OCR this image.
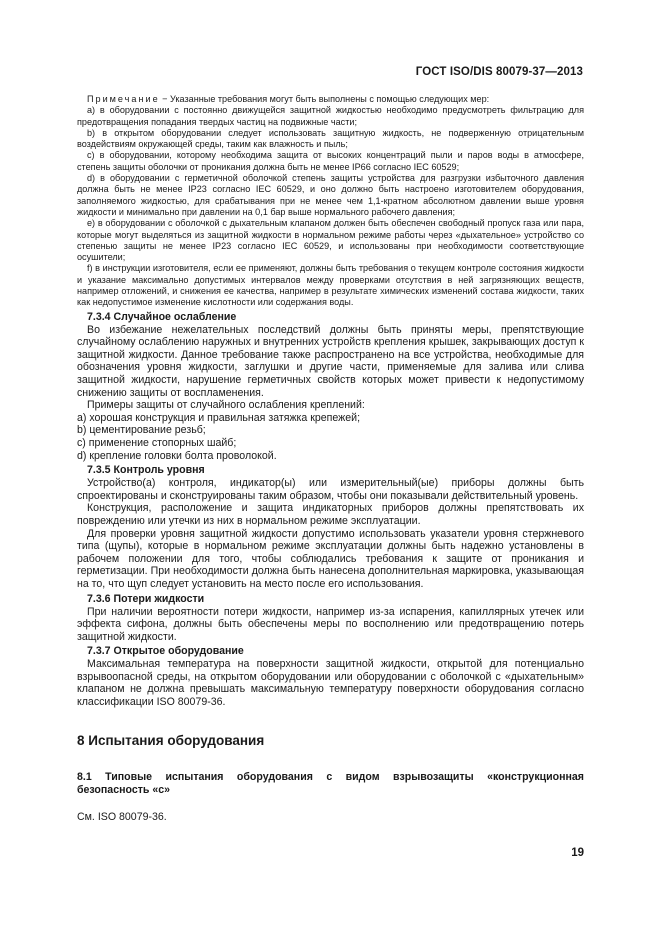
ГОСТ ISO/DIS 80079-37—2013

Примечание − Указанные требования могут быть выполнены с помощью следующих мер:

a) в оборудовании с постоянно движущейся защитной жидкостью необходимо предусмотреть фильтрацию для предотвращения попадания твердых частиц на подвижные части;

b) в открытом оборудовании следует использовать защитную жидкость, не подверженную отрицательным воздействиям окружающей среды, таким как влажность и пыль;

c) в оборудовании, которому необходима защита от высоких концентраций пыли и паров воды в атмосфере, степень защиты оболочки от проникания должна быть не менее IP66 согласно IEC 60529;

d) в оборудовании с герметичной оболочкой степень защиты устройства для разгрузки избыточного давления должна быть не менее IP23 согласно IEC 60529, и оно должно быть настроено изготовителем оборудования, заполняемого жидкостью, для срабатывания при не менее чем 1,1-кратном абсолютном давлении выше уровня жидкости и минимально при давлении на 0,1 бар выше нормального рабочего давления;

e) в оборудовании с оболочкой с дыхательным клапаном должен быть обеспечен свободный пропуск газа или пара, которые могут выделяться из защитной жидкости в нормальном режиме работы через «дыхательное» устройство со степенью защиты не менее IP23 согласно IEC 60529, и использованы при необходимости соответствующие осушители;

f) в инструкции изготовителя, если ее применяют, должны быть требования о текущем контроле состояния жидкости и указание максимально допустимых интервалов между проверками отсутствия в ней загрязняющих веществ, например отложений, и снижения ее качества, например в результате химических изменений состава жидкости, таких как недопустимое изменение кислотности или содержания воды.

7.3.4 Случайное ослабление

Во избежание нежелательных последствий должны быть приняты меры, препятствующие случайному ослаблению наружных и внутренних устройств крепления крышек, закрывающих доступ к защитной жидкости. Данное требование также распространено на все устройства, необходимые для обозначения уровня жидкости, заглушки и другие части, применяемые для залива или слива защитной жидкости, нарушение герметичных свойств которых может привести к недопустимому снижению защиты от воспламенения.

Примеры защиты от случайного ослабления креплений:

a) хорошая конструкция и правильная затяжка крепежей;

b) цементирование резьб;

c) применение стопорных шайб;

d) крепление головки болта проволокой.

7.3.5 Контроль уровня

Устройство(а) контроля, индикатор(ы) или измерительный(ые) приборы должны быть спроектированы и сконструированы таким образом, чтобы они показывали действительный уровень.

Конструкция, расположение и защита индикаторных приборов должны препятствовать их повреждению или утечки из них в нормальном режиме эксплуатации.

Для проверки уровня защитной жидкости допустимо использовать указатели уровня стержневого типа (щупы), которые в нормальном режиме эксплуатации должны быть надежно установлены в рабочем положении для того, чтобы соблюдались требования к защите от проникания и герметизации. При необходимости должна быть нанесена дополнительная маркировка, указывающая на то, что щуп следует установить на место после его использования.

7.3.6 Потери жидкости

При наличии вероятности потери жидкости, например из-за испарения, капиллярных утечек или эффекта сифона, должны быть обеспечены меры по восполнению или предотвращению потерь защитной жидкости.

7.3.7 Открытое оборудование

Максимальная температура на поверхности защитной жидкости, открытой для потенциально взрывоопасной среды, на открытом оборудовании или оборудовании с оболочкой с «дыхательным» клапаном не должна превышать максимальную температуру поверхности оборудования согласно классификации ISO 80079-36.

8 Испытания оборудования

8.1 Типовые испытания оборудования с видом взрывозащиты «конструкционная безопасность «c»

См. ISO 80079-36.

19
